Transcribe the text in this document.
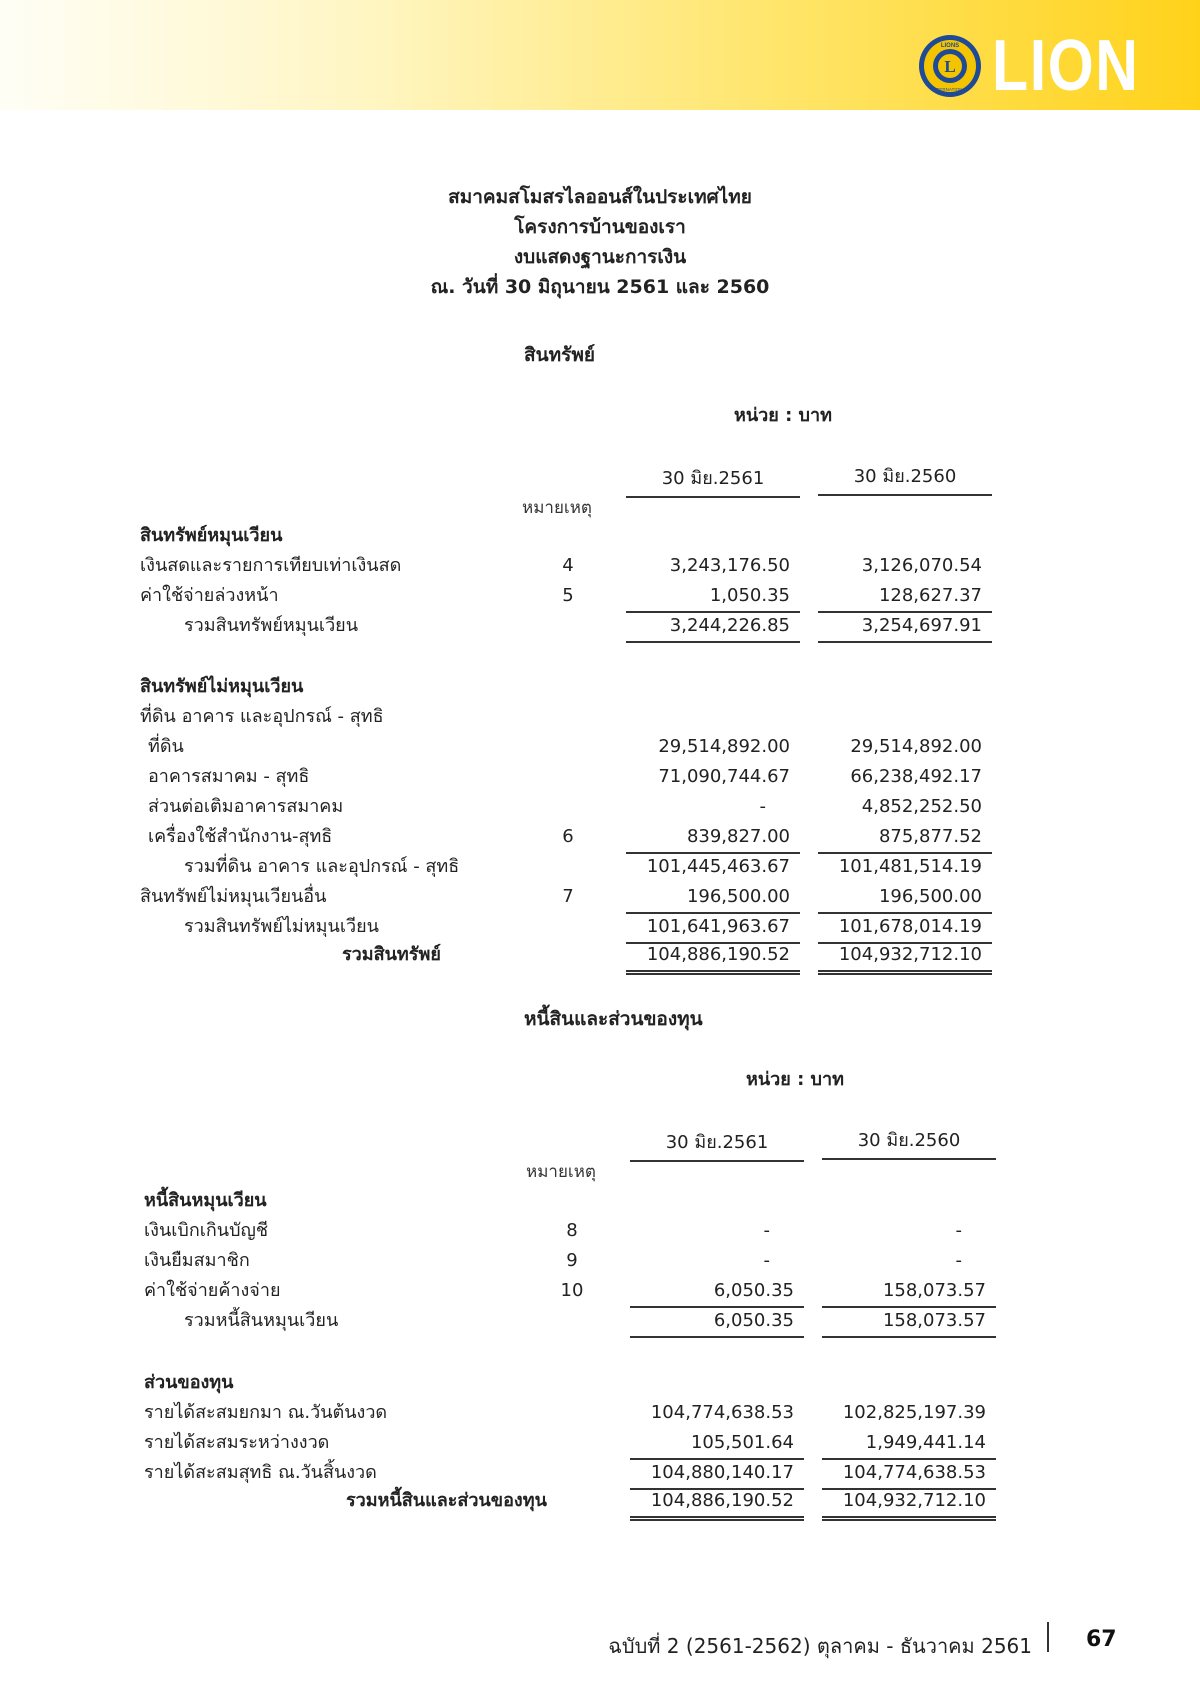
L
LIONS
INTERNATIONAL LION
สมาคมสโมสรไลออนส์ในประเทศไทย
โครงการบ้านของเรา
งบแสดงฐานะการเงิน
ณ. วันที่ 30 มิถุนายน 2561 และ 2560
สินทรัพย์
หน่วย : บาท
30 มิย.2561	30 มิย.2560
หมายเหตุ
สินทรัพย์หมุนเวียน
เงินสดและรายการเทียบเท่าเงินสด	4	3,243,176.50	3,126,070.54
ค่าใช้จ่ายล่วงหน้า	5	1,050.35	128,627.37
รวมสินทรัพย์หมุนเวียน	3,244,226.85	3,254,697.91
สินทรัพย์ไม่หมุนเวียน
ที่ดิน อาคาร และอุปกรณ์ - สุทธิ
ที่ดิน	29,514,892.00	29,514,892.00
อาคารสมาคม - สุทธิ	71,090,744.67	66,238,492.17
ส่วนต่อเติมอาคารสมาคม	-	4,852,252.50
เครื่องใช้สำนักงาน-สุทธิ	6	839,827.00	875,877.52
รวมที่ดิน อาคาร และอุปกรณ์ - สุทธิ	101,445,463.67	101,481,514.19
สินทรัพย์ไม่หมุนเวียนอื่น	7	196,500.00	196,500.00
รวมสินทรัพย์ไม่หมุนเวียน	101,641,963.67	101,678,014.19
รวมสินทรัพย์	104,886,190.52	104,932,712.10
หนี้สินและส่วนของทุน
หน่วย : บาท
30 มิย.2561	30 มิย.2560
หมายเหตุ
หนี้สินหมุนเวียน
เงินเบิกเกินบัญชี	8	-	-
เงินยืมสมาชิก	9	-	-
ค่าใช้จ่ายค้างจ่าย	10	6,050.35	158,073.57
รวมหนี้สินหมุนเวียน	6,050.35	158,073.57
ส่วนของทุน
รายได้สะสมยกมา ณ.วันต้นงวด	104,774,638.53	102,825,197.39
รายได้สะสมระหว่างงวด	105,501.64	1,949,441.14
รายได้สะสมสุทธิ ณ.วันสิ้นงวด	104,880,140.17	104,774,638.53
รวมหนี้สินและส่วนของทุน	104,886,190.52	104,932,712.10
ฉบับที่ 2 (2561-2562) ตุลาคม - ธันวาคม 2561 67
